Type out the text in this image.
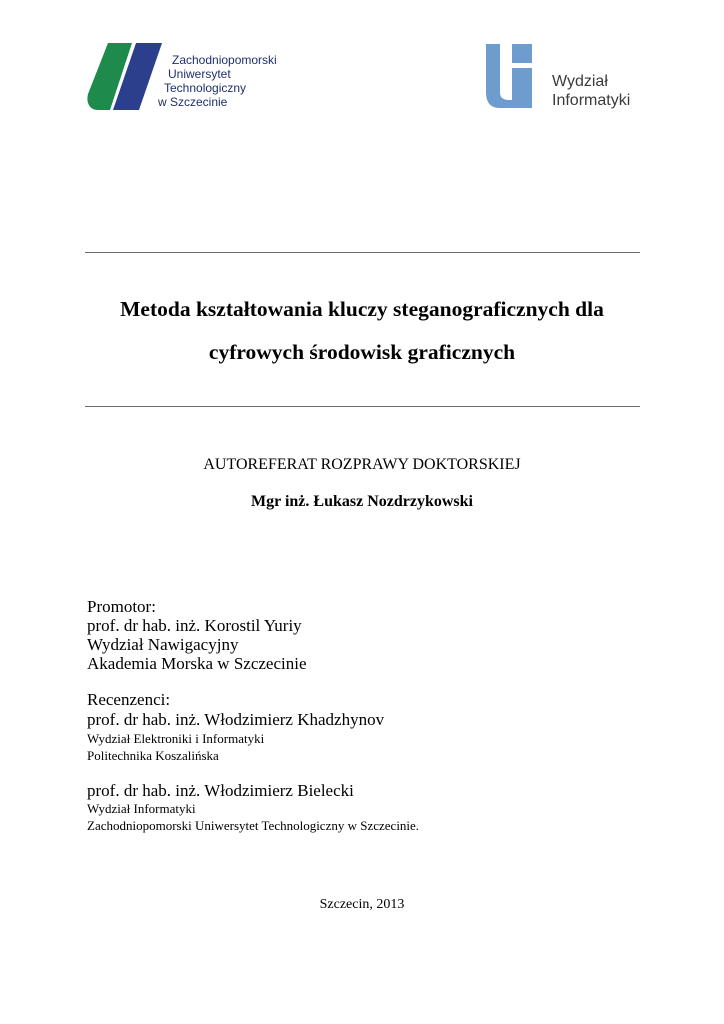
Zachodniopomorski
Uniwersytet
Technologiczny
w Szczecinie
Wydział
Informatyki
Metoda kształtowania kluczy steganograficznych dla
cyfrowych środowisk graficznych
AUTOREFERAT ROZPRAWY DOKTORSKIEJ
Mgr inż. Łukasz Nozdrzykowski
Promotor:
prof. dr hab. inż. Korostil Yuriy
Wydział Nawigacyjny
Akademia Morska w Szczecinie
Recenzenci:
prof. dr hab. inż. Włodzimierz Khadzhynov
Wydział Elektroniki i Informatyki
Politechnika Koszalińska
prof. dr hab. inż. Włodzimierz Bielecki
Wydział Informatyki
Zachodniopomorski Uniwersytet Technologiczny w Szczecinie.
Szczecin, 2013
